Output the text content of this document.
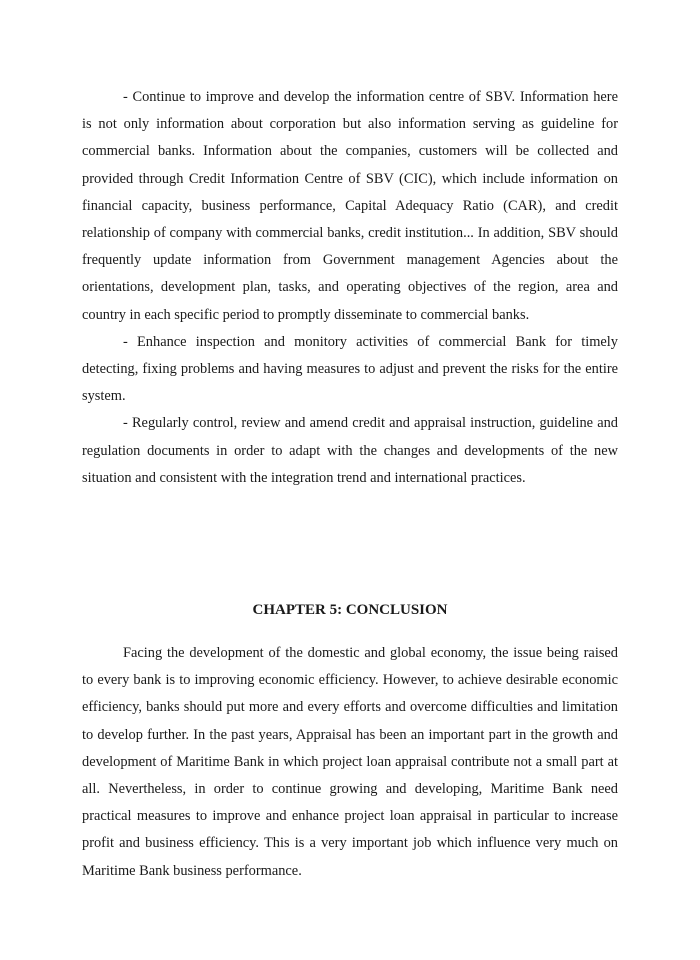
- Continue to improve and develop the information centre of SBV. Information here is not only information about corporation but also information serving as guideline for commercial banks. Information about the companies, customers will be collected and provided through Credit Information Centre of SBV (CIC), which include information on financial capacity, business performance, Capital Adequacy Ratio (CAR), and credit relationship of company with commercial banks, credit institution... In addition, SBV should frequently update information from Government management Agencies about the orientations, development plan, tasks, and operating objectives of the region, area and country in each specific period to promptly disseminate to commercial banks.

- Enhance inspection and monitory activities of commercial Bank for timely detecting, fixing problems and having measures to adjust and prevent the risks for the entire system.

- Regularly control, review and amend credit and appraisal instruction, guideline and regulation documents in order to adapt with the changes and developments of the new situation and consistent with the integration trend and international practices.

CHAPTER 5: CONCLUSION

Facing the development of the domestic and global economy, the issue being raised to every bank is to improving economic efficiency. However, to achieve desirable economic efficiency, banks should put more and every efforts and overcome difficulties and limitation to develop further. In the past years, Appraisal has been an important part in the growth and development of Maritime Bank in which project loan appraisal contribute not a small part at all. Nevertheless, in order to continue growing and developing, Maritime Bank need practical measures to improve and enhance project loan appraisal in particular to increase profit and business efficiency. This is a very important job which influence very much on Maritime Bank business performance.
